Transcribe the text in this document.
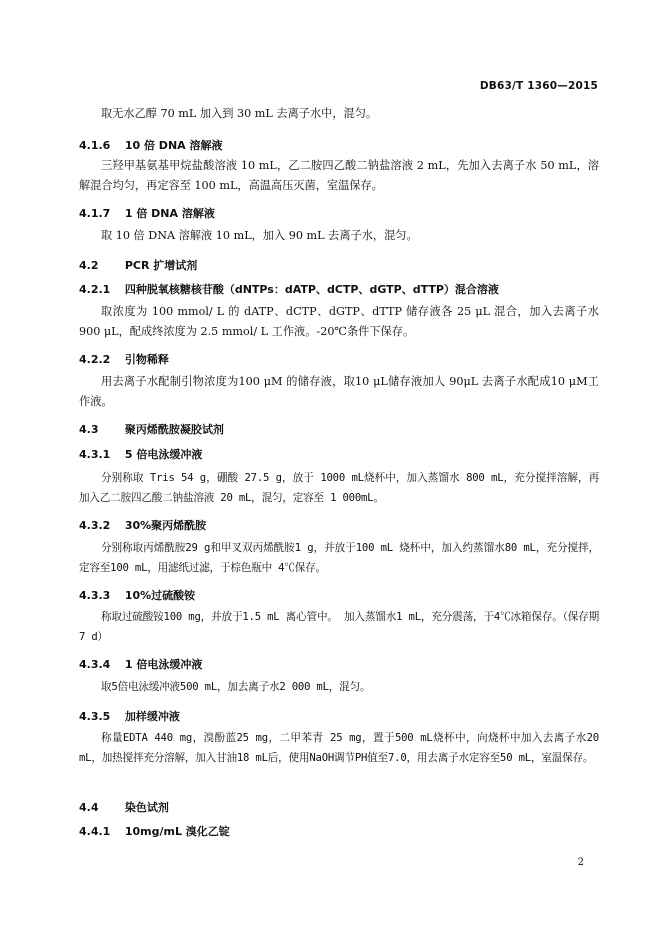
DB63/T 1360—2015
取无水乙醇 70 mL 加入到 30 mL 去离子水中，混匀。
4.1.6 10 倍 DNA 溶解液
三羟甲基氨基甲烷盐酸溶液 10 mL，乙二胺四乙酸二钠盐溶液 2 mL，先加入去离子水 50 mL，溶解混合均匀，再定容至 100 mL，高温高压灭菌，室温保存。
4.1.7 1 倍 DNA 溶解液
取 10 倍 DNA 溶解液 10 mL，加入 90 mL 去离子水，混匀。
4.2 PCR 扩增试剂
4.2.1 四种脱氧核糖核苷酸（dNTPs：dATP、dCTP、dGTP、dTTP）混合溶液
取浓度为 100 mmol/ L 的 dATP、dCTP、dGTP、dTTP 储存液各 25 μL 混合，加入去离子水 900 μL，配成终浓度为 2.5 mmol/ L 工作液。-20℃条件下保存。
4.2.2 引物稀释
用去离子水配制引物浓度为100 μM 的储存液，取10 μL储存液加人 90μL 去离子水配成10 μM工作液。
4.3 聚丙烯酰胺凝胶试剂
4.3.1 5 倍电泳缓冲液
分别称取 Tris 54 g，硼酸 27.5 g，放于 1000 mL烧杯中，加入蒸馏水 800 mL，充分搅拌溶解，再加入乙二胺四乙酸二钠盐溶液 20 mL，混匀，定容至 1 000mL。
4.3.2 30%聚丙烯酰胺
分别称取丙烯酰胺29 g和甲叉双丙烯酰胺1 g，并放于100 mL 烧杯中，加入约蒸馏水80 mL，充分搅拌，定容至100 mL，用滤纸过滤，于棕色瓶中 4℃保存。
4.3.3 10%过硫酸铵
称取过硫酸铵100 mg，并放于1.5 mL 离心管中。 加入蒸馏水1 mL，充分震荡，于4℃冰箱保存。（保存期7 d）
4.3.4 1 倍电泳缓冲液
取5倍电泳缓冲液500 mL，加去离子水2 000 mL，混匀。
4.3.5 加样缓冲液
称量EDTA 440 mg，溴酚蓝25 mg，二甲苯青 25 mg，置于500 mL烧杯中，向烧杯中加入去离子水20 mL，加热搅拌充分溶解，加入甘油18 mL后，使用NaOH调节PH值至7.0，用去离子水定容至50 mL，室温保存。
4.4 染色试剂
4.4.1 10mg/mL 溴化乙锭
2
